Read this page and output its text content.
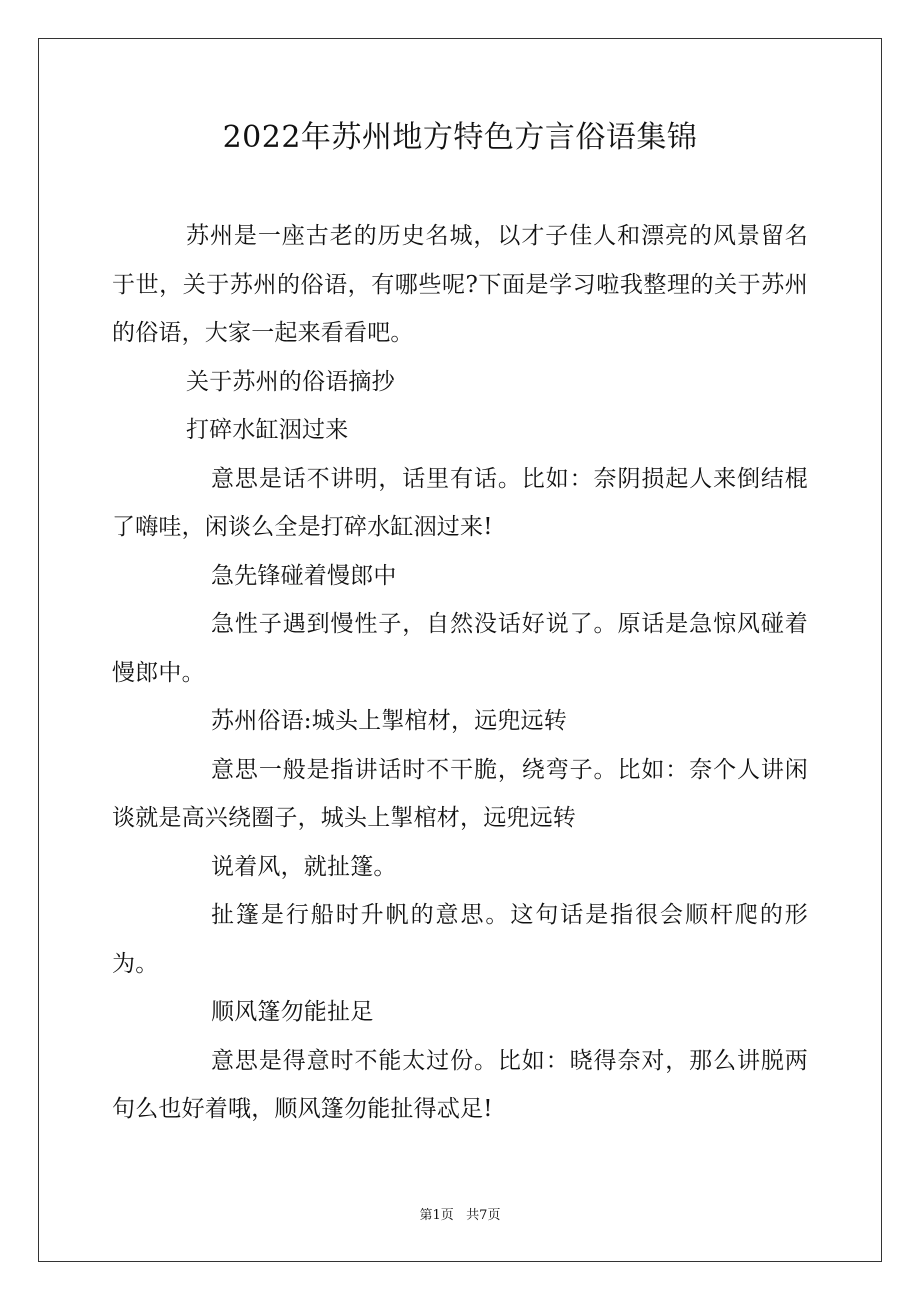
2022年苏州地方特色方言俗语集锦

苏州是一座古老的历史名城，以才子佳人和漂亮的风景留名于世，关于苏州的俗语，有哪些呢?下面是学习啦我整理的关于苏州的俗语，大家一起来看看吧。

关于苏州的俗语摘抄

打碎水缸洇过来

意思是话不讲明，话里有话。比如：奈阴损起人来倒结棍了嗨哇，闲谈么全是打碎水缸洇过来!

急先锋碰着慢郎中

急性子遇到慢性子，自然没话好说了。原话是急惊风碰着慢郎中。

苏州俗语:城头上掣棺材，远兜远转

意思一般是指讲话时不干脆，绕弯子。比如：奈个人讲闲谈就是高兴绕圈子，城头上掣棺材，远兜远转

说着风，就扯篷。

扯篷是行船时升帆的意思。这句话是指很会顺杆爬的形为。

顺风篷勿能扯足

意思是得意时不能太过份。比如：晓得奈对，那么讲脱两句么也好着哦，顺风篷勿能扯得忒足!

第1页   共7页
